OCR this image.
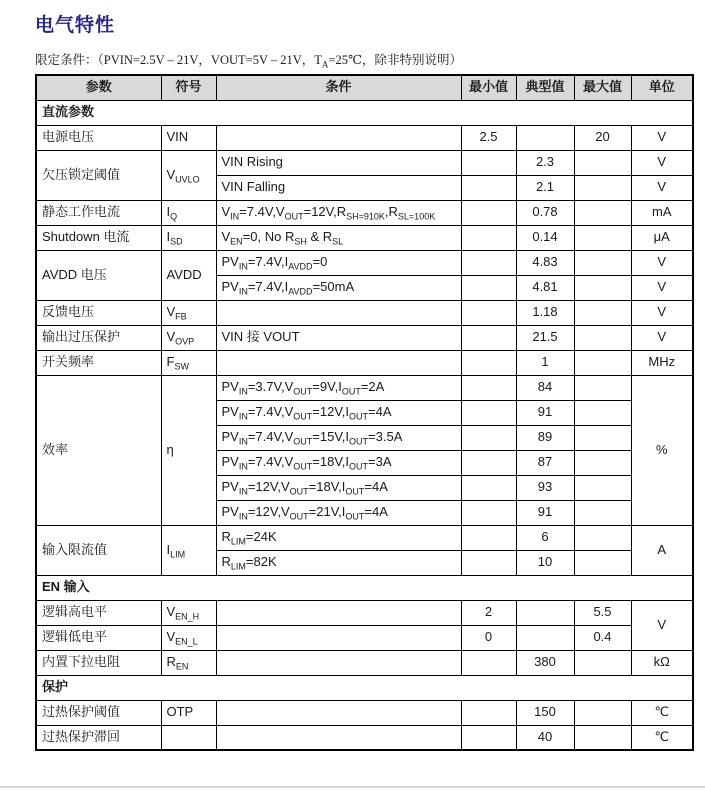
电气特性
限定条件：（PVIN=2.5V – 21V，VOUT=5V – 21V，$T_A=25℃$，除非特别说明）
参数	符号	条件	最小值	典型值	最大值	单位
直流参数						
电源电压	VIN		2.5		20	V
欠压锁定阈值	$V_{UVLO}$	VIN Rising		2.3		V
		VIN Falling		2.1		V
静态工作电流	$I_Q$	$V_{IN}=7.4V,V_{OUT}=12V,R_{SH=910K},R_{SL=100K}$		0.78		mA
Shutdown 电流	$I_{SD}$	$V_{EN}=0$, No $R_{SH}$ & $R_{SL}$		0.14		μA
AVDD 电压	AVDD	$PV_{IN}=7.4V,I_{AVDD}=0$		4.83		V
		$PV_{IN}=7.4V,I_{AVDD}=50mA$		4.81		V
反馈电压	$V_{FB}$			1.18		V
输出过压保护	$V_{OVP}$	VIN 接 VOUT		21.5		V
开关频率	$F_{SW}$			1		MHz
效率	η	$PV_{IN}=3.7V,V_{OUT}=9V,I_{OUT}=2A$		84		%
		$PV_{IN}=7.4V,V_{OUT}=12V,I_{OUT}=4A$		91		
		$PV_{IN}=7.4V,V_{OUT}=15V,I_{OUT}=3.5A$		89		
		$PV_{IN}=7.4V,V_{OUT}=18V,I_{OUT}=3A$		87		
		$PV_{IN}=12V,V_{OUT}=18V,I_{OUT}=4A$		93		
		$PV_{IN}=12V,V_{OUT}=21V,I_{OUT}=4A$		91		
输入限流值	$I_{LIM}$	$R_{LIM}=24K$		6		A
		$R_{LIM}=82K$		10		
EN 输入						
逻辑高电平	$V_{EN\_H}$		2		5.5	V
逻辑低电平	$V_{EN\_L}$		0		0.4	
内置下拉电阻	$R_{EN}$			380		kΩ
保护						
过热保护阈值	OTP			150		℃
过热保护滞回				40		℃
